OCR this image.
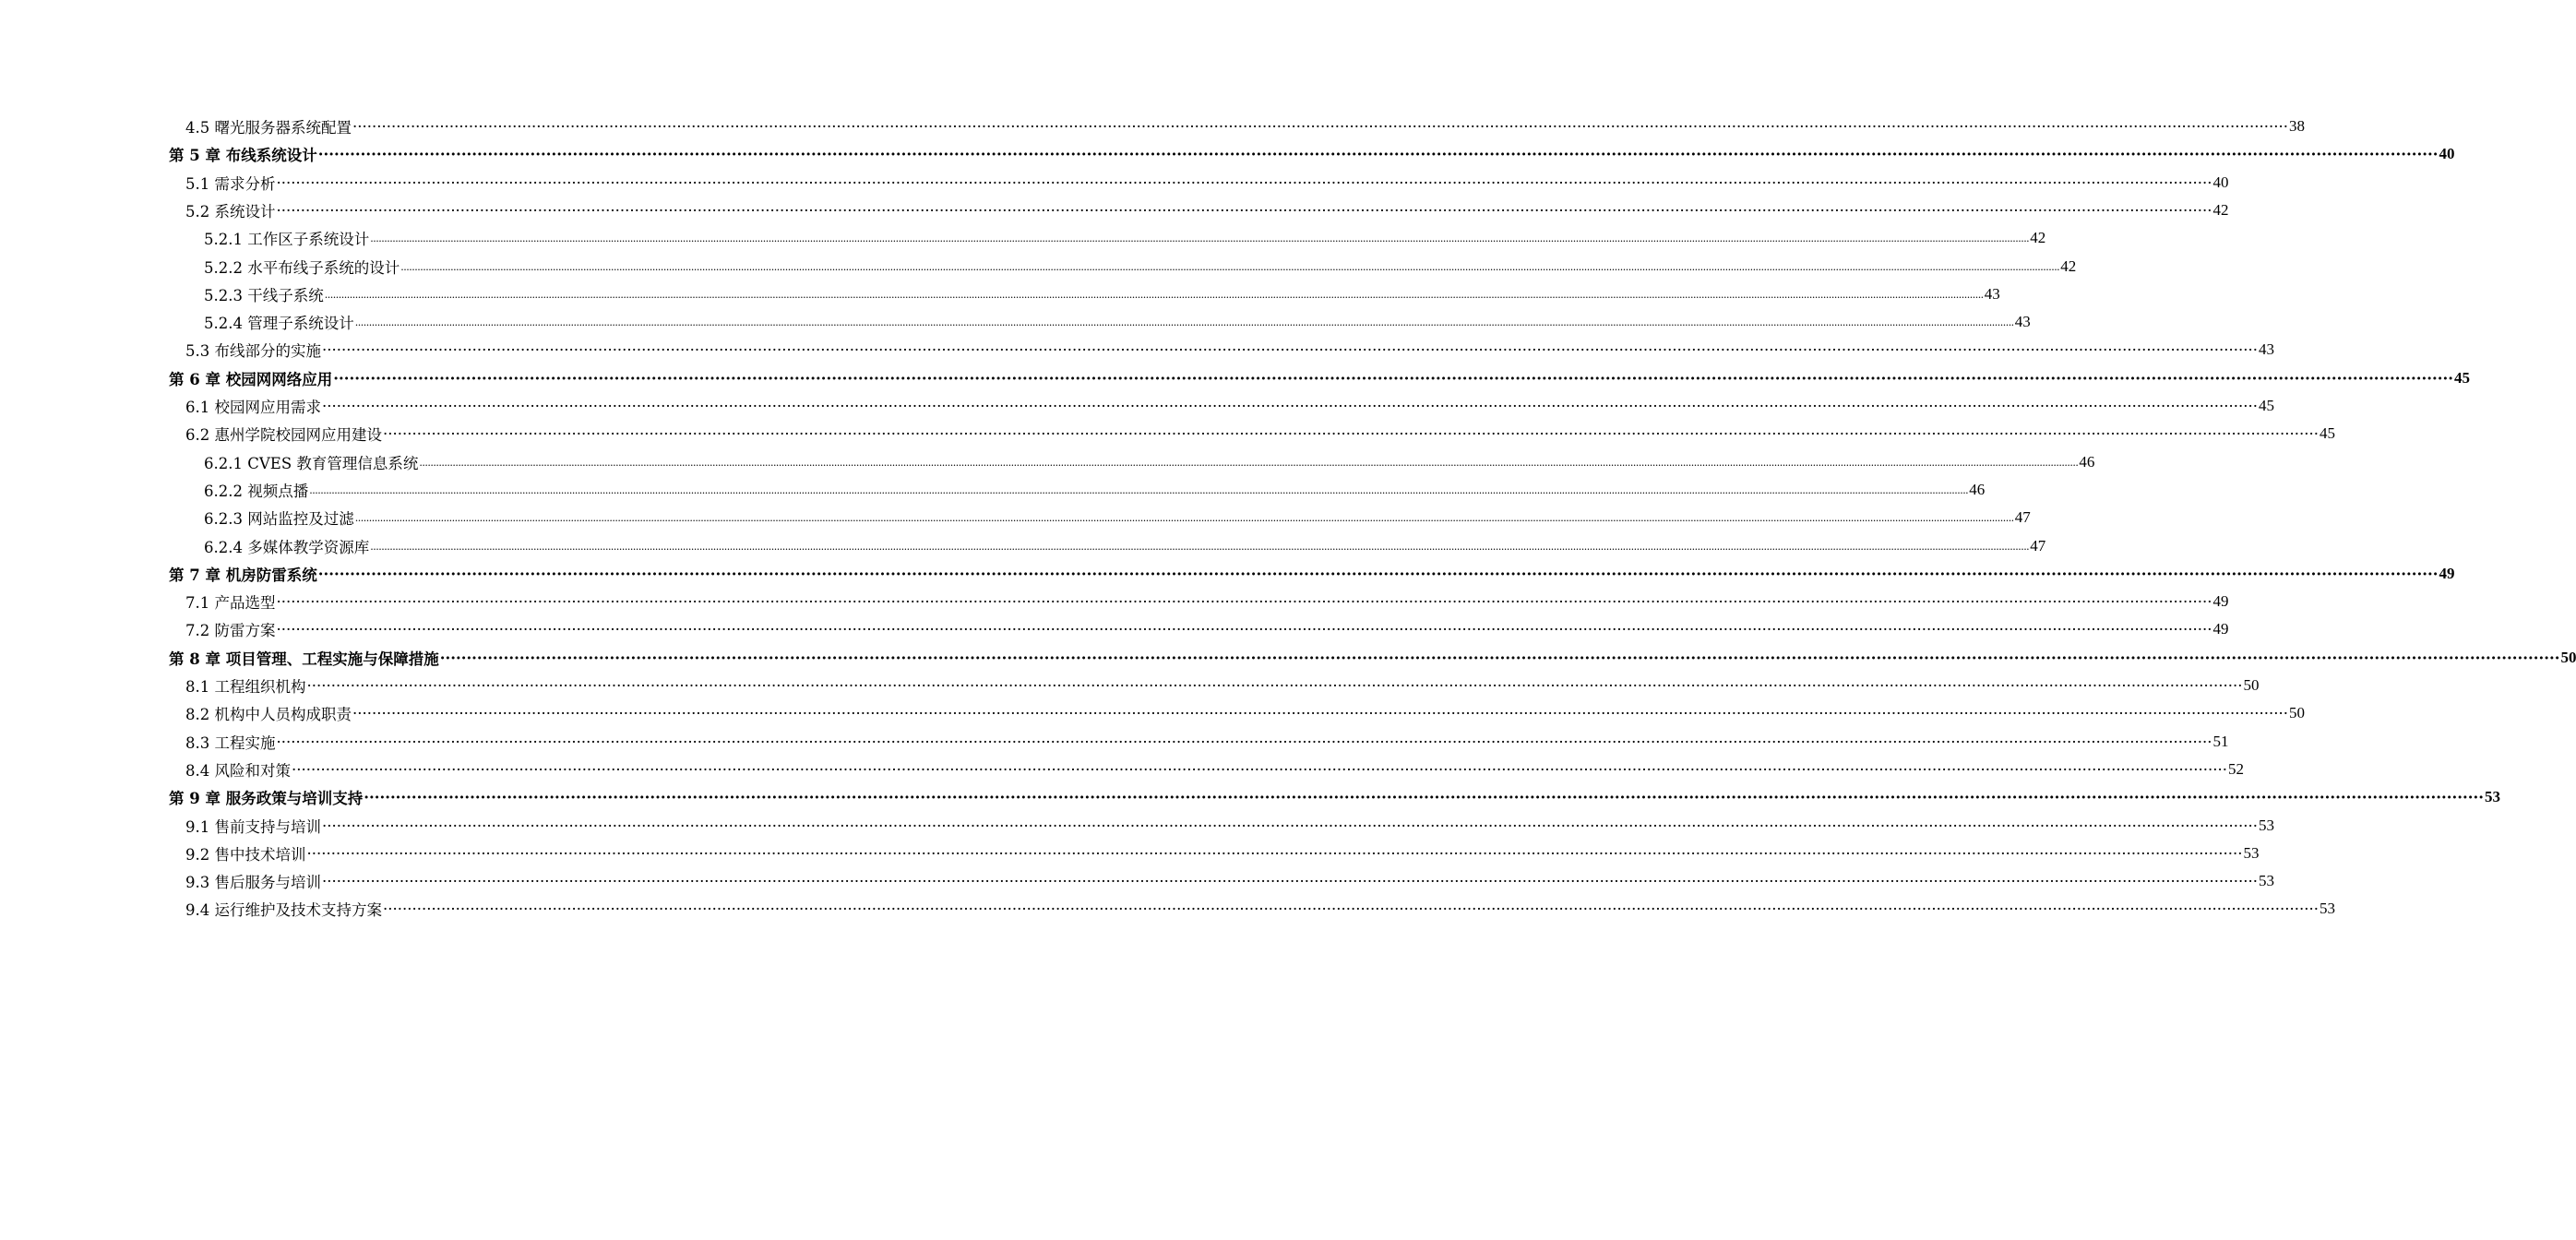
4.5 曙光服务器系统配置 ················································································································································································································································································································································································································ 38
第 5 章 布线系统设计 ················································································································································································································································································································································································································ 40
5.1 需求分析 ················································································································································································································································································································································································································ 40
5.2 系统设计 ················································································································································································································································································································································································································ 42
5.2.1 工作区子系统设计 ........................................................................................................................................................................................................................................................................................................................................................................................................................................................................................................................................................................................................................ 42
5.2.2 水平布线子系统的设计 ........................................................................................................................................................................................................................................................................................................................................................................................................................................................................................................................................................................................................................ 42
5.2.3 干线子系统 ........................................................................................................................................................................................................................................................................................................................................................................................................................................................................................................................................................................................................................ 43
5.2.4 管理子系统设计 ........................................................................................................................................................................................................................................................................................................................................................................................................................................................................................................................................................................................................................ 43
5.3 布线部分的实施 ················································································································································································································································································································································································································ 43
第 6 章 校园网网络应用 ················································································································································································································································································································································································································ 45
6.1 校园网应用需求 ················································································································································································································································································································································································································ 45
6.2 惠州学院校园网应用建设 ················································································································································································································································································································································································································ 45
6.2.1 CVES 教育管理信息系统 ........................................................................................................................................................................................................................................................................................................................................................................................................................................................................................................................................................................................................................ 46
6.2.2 视频点播 ........................................................................................................................................................................................................................................................................................................................................................................................................................................................................................................................................................................................................................ 46
6.2.3 网站监控及过滤 ........................................................................................................................................................................................................................................................................................................................................................................................................................................................................................................................................................................................................................ 47
6.2.4 多媒体教学资源库 ........................................................................................................................................................................................................................................................................................................................................................................................................................................................................................................................................................................................................................ 47
第 7 章 机房防雷系统 ················································································································································································································································································································································································································ 49
7.1 产品选型 ················································································································································································································································································································································································································ 49
7.2 防雷方案 ················································································································································································································································································································································································································ 49
第 8 章 项目管理、工程实施与保障措施 ················································································································································································································································································································································································································ 50
8.1 工程组织机构 ················································································································································································································································································································································································································ 50
8.2 机构中人员构成职责 ················································································································································································································································································································································································································ 50
8.3 工程实施 ················································································································································································································································································································································································································ 51
8.4 风险和对策 ················································································································································································································································································································································································································ 52
第 9 章 服务政策与培训支持 ················································································································································································································································································································································································································ 53
9.1 售前支持与培训 ················································································································································································································································································································································································································ 53
9.2 售中技术培训 ················································································································································································································································································································································································································ 53
9.3 售后服务与培训 ················································································································································································································································································································································································································ 53
9.4 运行维护及技术支持方案 ················································································································································································································································································································································································································ 53
